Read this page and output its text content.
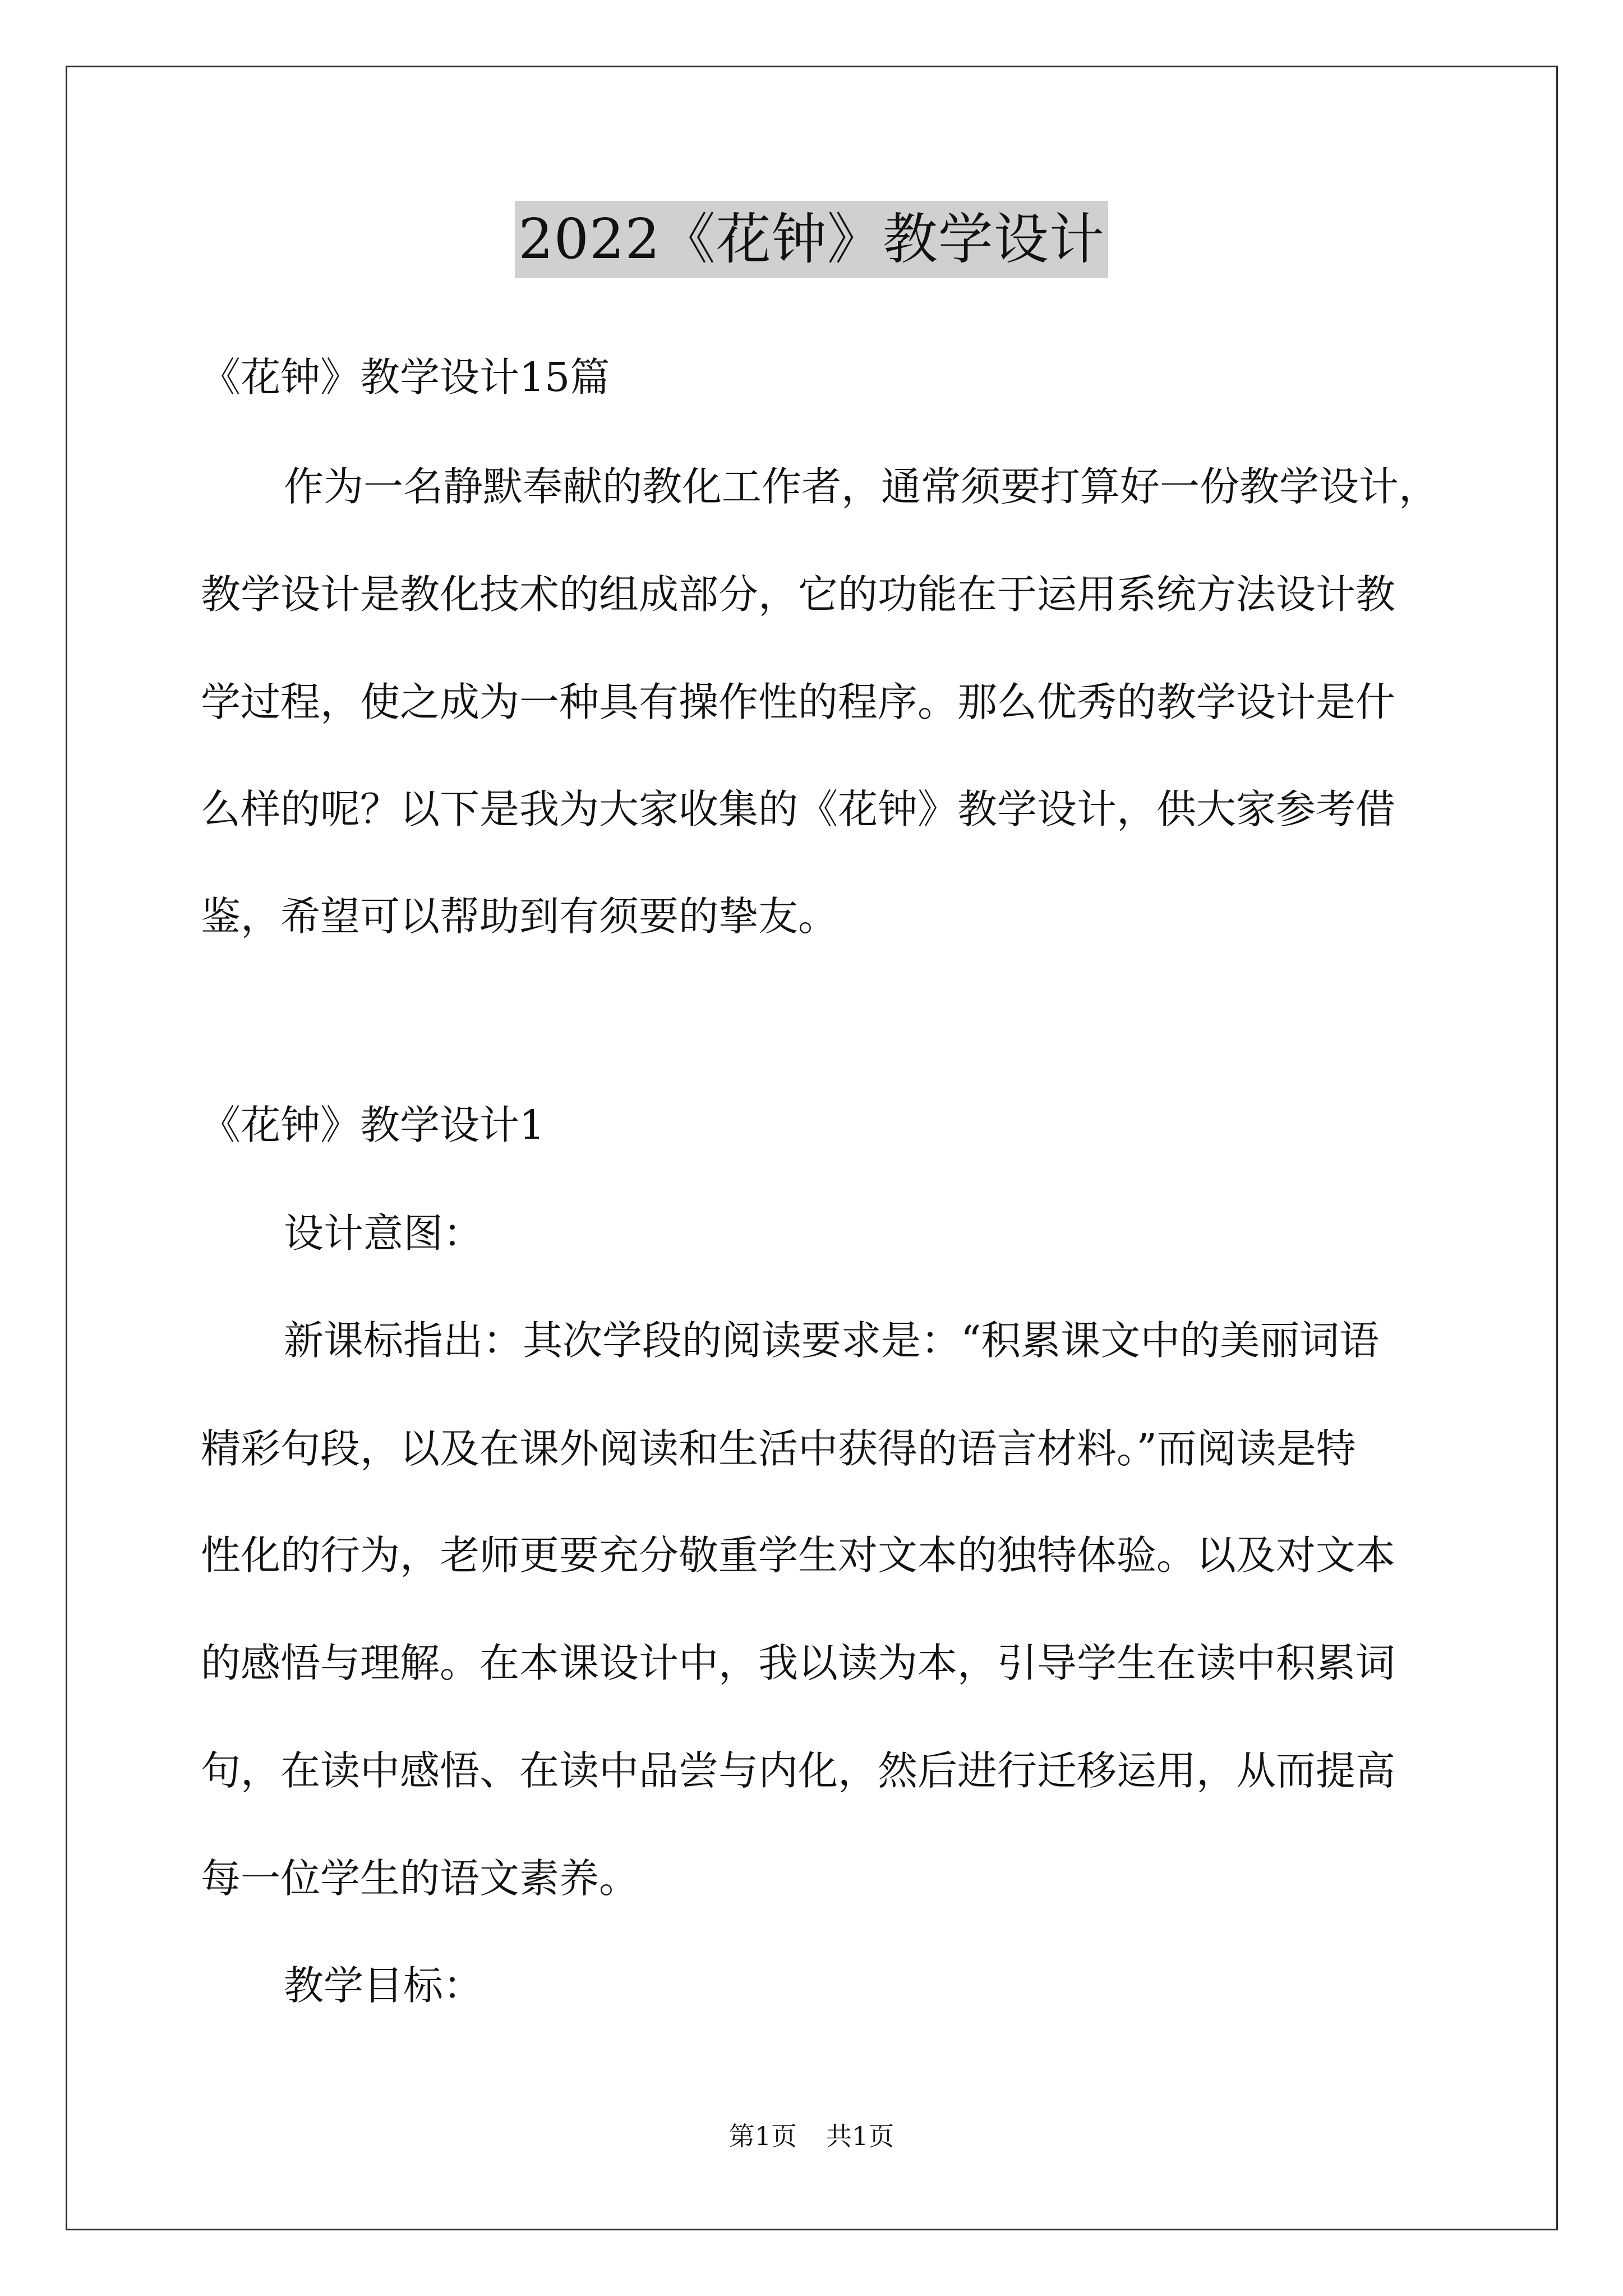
2022《花钟》教学设计
《花钟》教学设计15篇
作为一名静默奉献的教化工作者，通常须要打算好一份教学设计，
教学设计是教化技术的组成部分，它的功能在于运用系统方法设计教
学过程，使之成为一种具有操作性的程序。那么优秀的教学设计是什
么样的呢？以下是我为大家收集的《花钟》教学设计，供大家参考借
鉴，希望可以帮助到有须要的挚友。
《花钟》教学设计1
设计意图：
新课标指出：其次学段的阅读要求是：“积累课文中的美丽词语
精彩句段，以及在课外阅读和生活中获得的语言材料。”而阅读是特
性化的行为，老师更要充分敬重学生对文本的独特体验。以及对文本
的感悟与理解。在本课设计中，我以读为本，引导学生在读中积累词
句，在读中感悟、在读中品尝与内化，然后进行迁移运用，从而提高
每一位学生的语文素养。
教学目标：
第1页 共1页
